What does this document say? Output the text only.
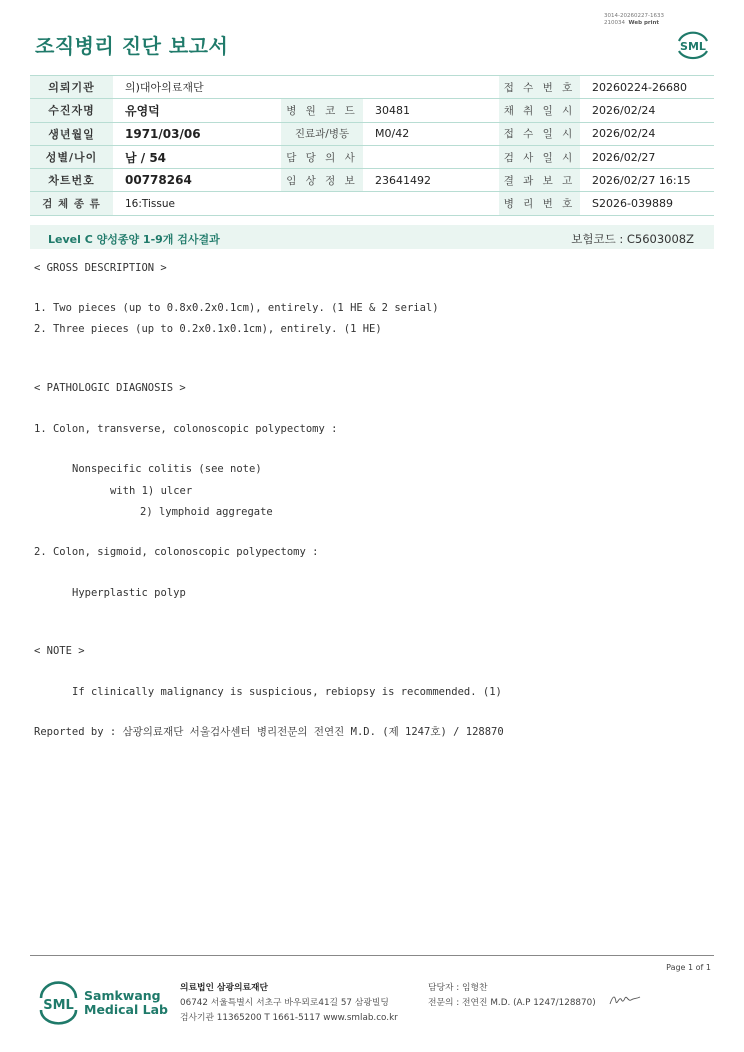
조직병리 진단 보고서
3014-20260227-1633
210034 Web print
SML
의뢰기관	의)대아의료재단			접 수 번 호	20260224-26680
수진자명	유영덕	병 원 코 드	30481	채 취 일 시	2026/02/24
생년월일	1971/03/06	진료과/병동	M0/42	접 수 일 시	2026/02/24
성별/나이	남 / 54	담 당 의 사		검 사 일 시	2026/02/27
차트번호	00778264	임 상 정 보	23641492	결 과 보 고	2026/02/27 16:15
검 체 종 류	16:Tissue			병 리 번 호	S2026-039889
Level C 양성종양 1-9개 검사결과	보험코드 : C5603008Z
< GROSS DESCRIPTION >
1. Two pieces (up to 0.8x0.2x0.1cm), entirely. (1 HE & 2 serial)
2. Three pieces (up to 0.2x0.1x0.1cm), entirely. (1 HE)
< PATHOLOGIC DIAGNOSIS >
1. Colon, transverse, colonoscopic polypectomy :
Nonspecific colitis (see note)
with 1) ulcer
2) lymphoid aggregate
2. Colon, sigmoid, colonoscopic polypectomy :
Hyperplastic polyp
< NOTE >
If clinically malignancy is suspicious, rebiopsy is recommended. (1)
Reported by : 삼광의료재단 서울검사센터 병리전문의 전연진 M.D. (제 1247호) / 128870
Page 1 of 1
SML
Samkwang
Medical Lab
의료법인 삼광의료재단
06742 서울특별시 서초구 바우뫼로41길 57 삼광빌딩
검사기관 11365200 T 1661-5117 www.smlab.co.kr
담당자 : 임형찬
전문의 : 전연진 M.D. (A.P 1247/128870)
